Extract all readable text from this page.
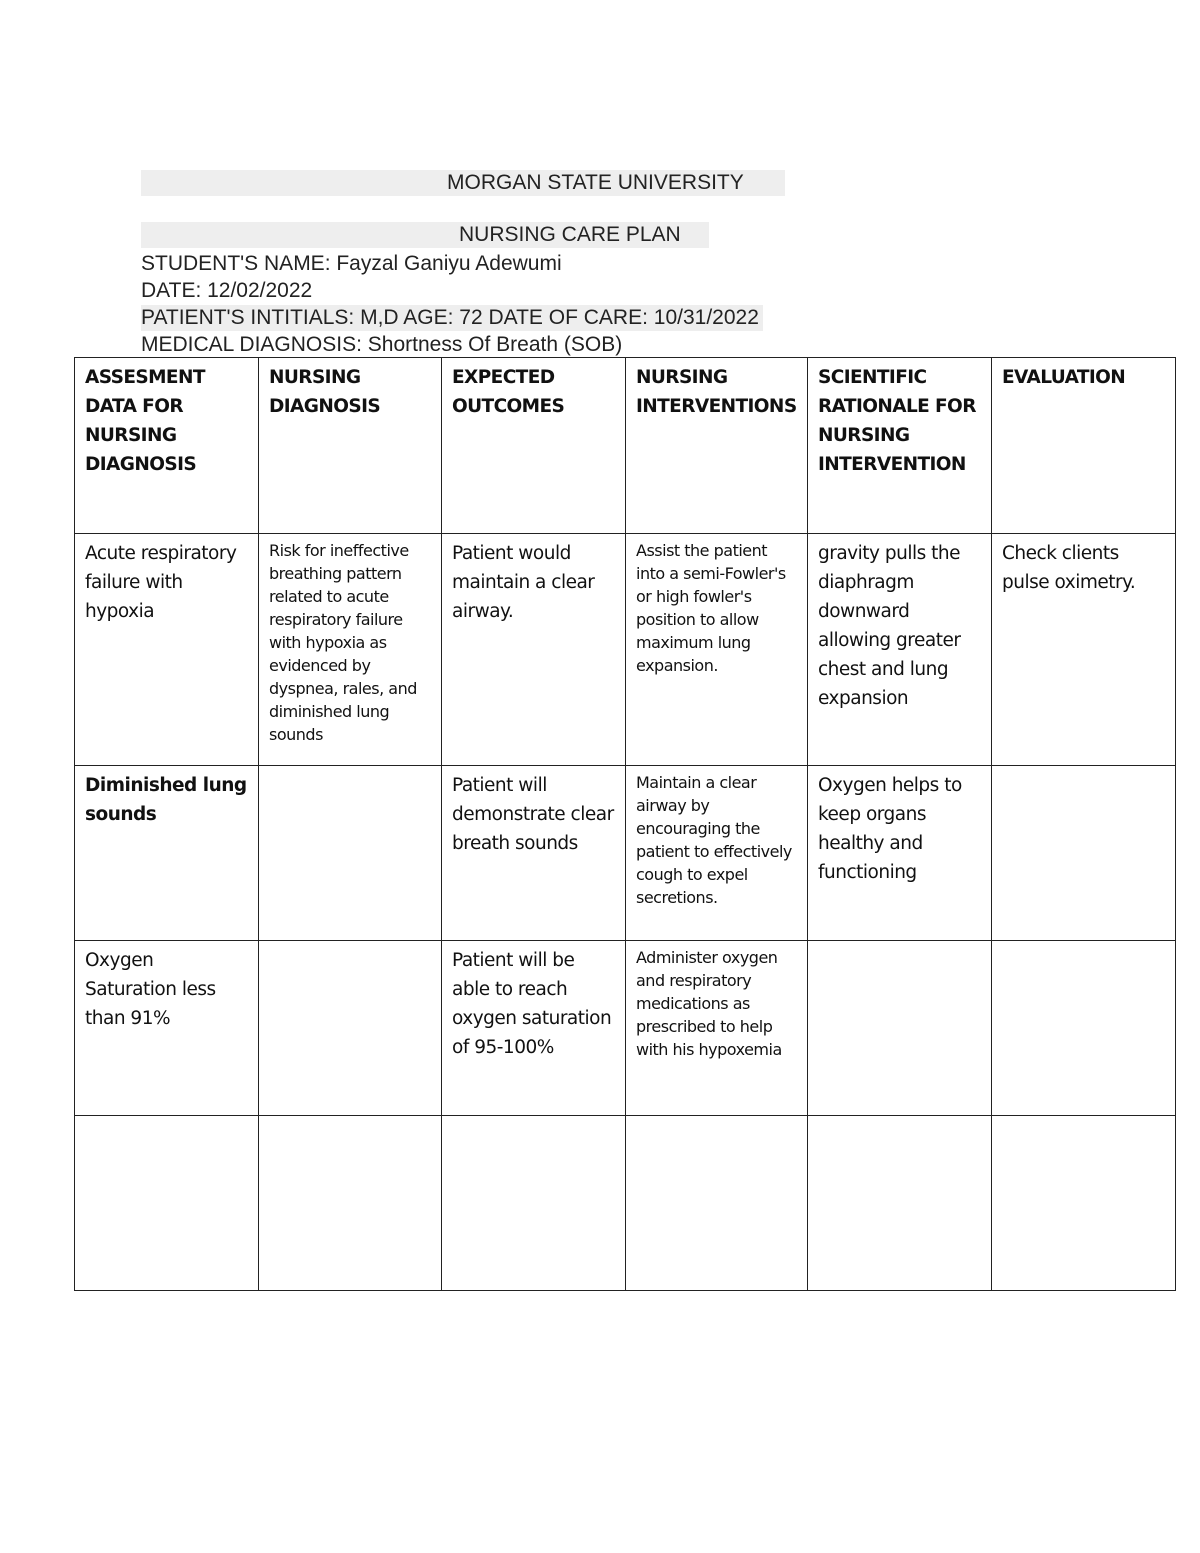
MORGAN STATE UNIVERSITY
NURSING CARE PLAN
STUDENT'S NAME: Fayzal Ganiyu Adewumi
DATE: 12/02/2022
PATIENT'S INTITIALS: M,D AGE: 72 DATE OF CARE: 10/31/2022
MEDICAL DIAGNOSIS: Shortness Of Breath (SOB)
ASSESMENT DATA FOR NURSING DIAGNOSIS	NURSING DIAGNOSIS	EXPECTED OUTCOMES	NURSING INTERVENTIONS	SCIENTIFIC RATIONALE FOR NURSING INTERVENTION	EVALUATION
Acute respiratory failure with hypoxia	Risk for ineffective breathing pattern related to acute respiratory failure with hypoxia as evidenced by dyspnea, rales, and diminished lung sounds	Patient would maintain a clear airway.	Assist the patient into a semi-Fowler's or high fowler's position to allow maximum lung expansion.	gravity pulls the diaphragm downward allowing greater chest and lung expansion	Check clients pulse oximetry.
Diminished lung sounds		Patient will demonstrate clear breath sounds	Maintain a clear airway by encouraging the patient to effectively cough to expel secretions.	Oxygen helps to keep organs healthy and functioning	
Oxygen Saturation less than 91%		Patient will be able to reach oxygen saturation of 95-100%	Administer oxygen and respiratory medications as prescribed to help with his hypoxemia		
